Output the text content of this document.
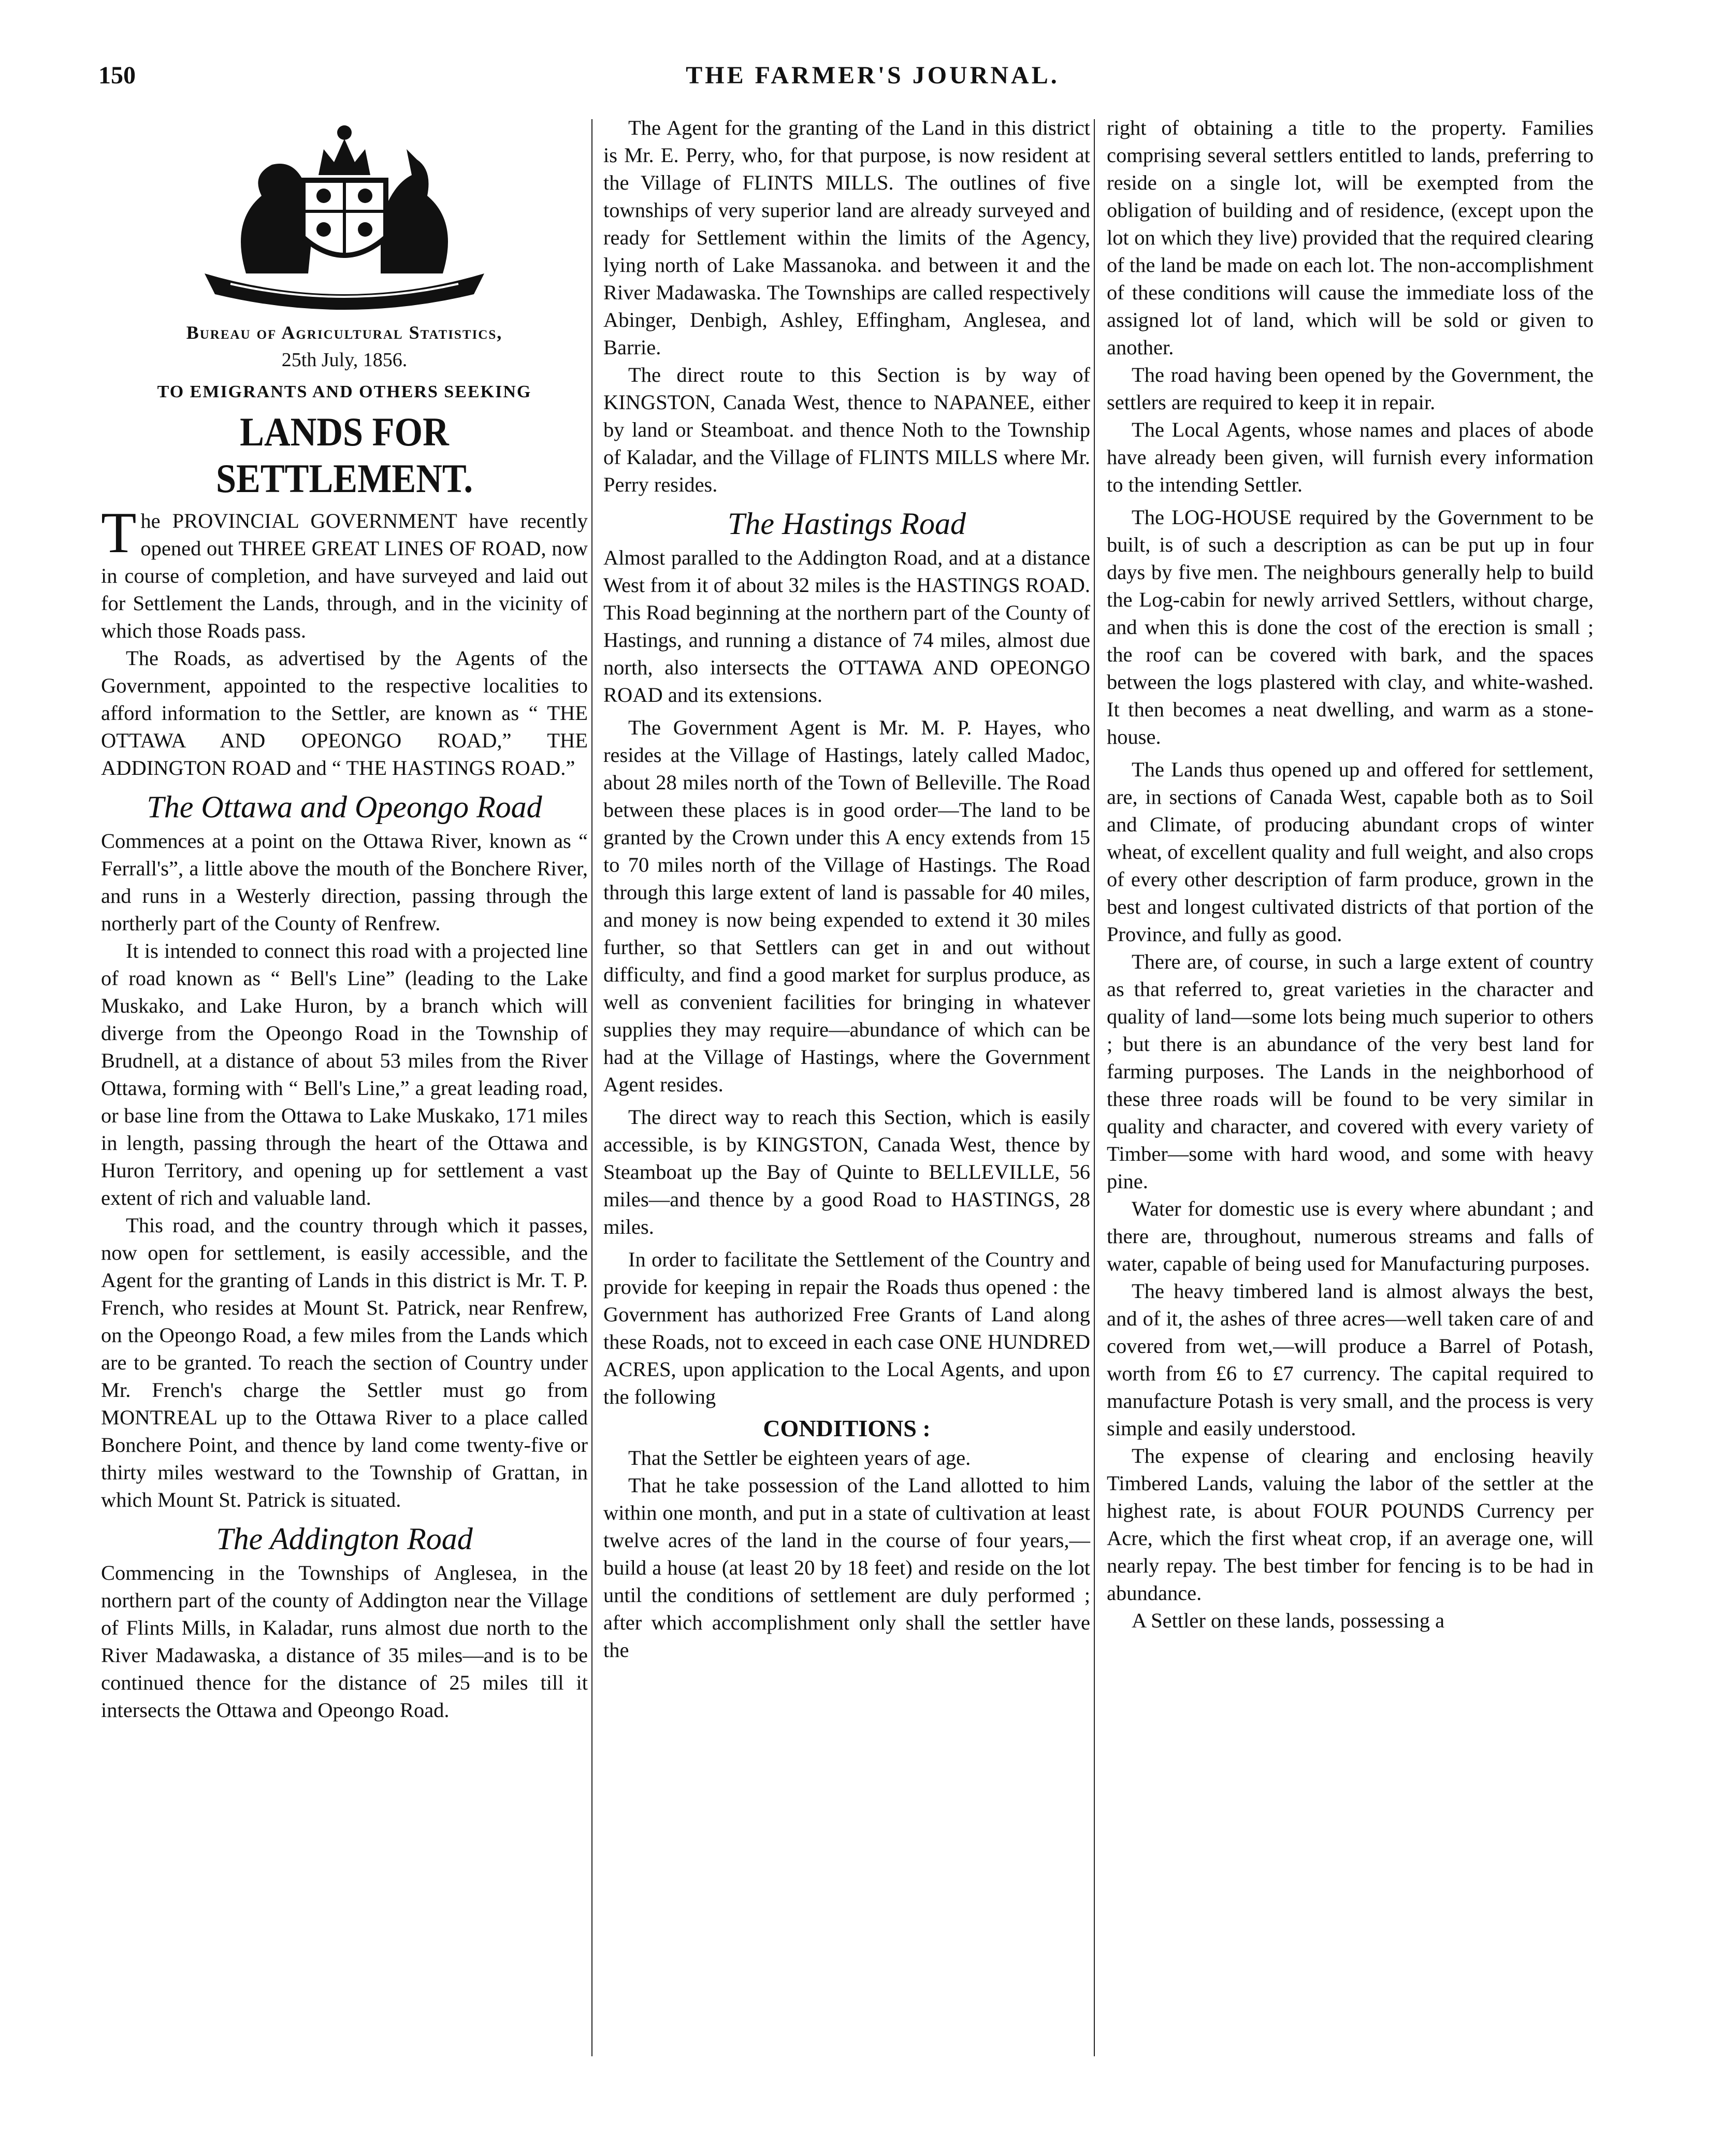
150	THE FARMER'S JOURNAL.
Bureau of Agricultural Statistics,
25th July, 1856.
TO EMIGRANTS AND OTHERS SEEKING
LANDS FOR SETTLEMENT.

The PROVINCIAL GOVERNMENT have recently opened out THREE GREAT LINES OF ROAD, now in course of completion, and have surveyed and laid out for Settlement the Lands, through, and in the vicinity of which those Roads pass.

The Roads, as advertised by the Agents of the Government, appointed to the respective localities to afford information to the Settler, are known as “ THE OTTAWA AND OPEONGO ROAD,” THE ADDINGTON ROAD and “ THE HASTINGS ROAD.”

The Ottawa and Opeongo Road

Commences at a point on the Ottawa River, known as “ Ferrall's”, a little above the mouth of the Bonchere River, and runs in a Westerly direction, passing through the northerly part of the County of Renfrew.

It is intended to connect this road with a projected line of road known as “ Bell's Line” (leading to the Lake Muskako, and Lake Huron, by a branch which will diverge from the Opeongo Road in the Township of Brudnell, at a distance of about 53 miles from the River Ottawa, forming with “ Bell's Line,” a great leading road, or base line from the Ottawa to Lake Muskako, 171 miles in length, passing through the heart of the Ottawa and Huron Territory, and opening up for settlement a vast extent of rich and valuable land.

This road, and the country through which it passes, now open for settlement, is easily accessible, and the Agent for the granting of Lands in this district is Mr. T. P. French, who resides at Mount St. Patrick, near Renfrew, on the Opeongo Road, a few miles from the Lands which are to be granted. To reach the section of Country under Mr. French's charge the Settler must go from MONTREAL up to the Ottawa River to a place called Bonchere Point, and thence by land come twenty-five or thirty miles westward to the Township of Grattan, in which Mount St. Patrick is situated.

The Addington Road

Commencing in the Townships of Anglesea, in the northern part of the county of Addington near the Village of Flints Mills, in Kaladar, runs almost due north to the River Madawaska, a distance of 35 miles—and is to be continued thence for the distance of 25 miles till it intersects the Ottawa and Opeongo Road.

The Agent for the granting of the Land in this district is Mr. E. Perry, who, for that purpose, is now resident at the Village of FLINTS MILLS. The outlines of five townships of very superior land are already surveyed and ready for Settlement within the limits of the Agency, lying north of Lake Massanoka. and between it and the River Madawaska. The Townships are called respectively Abinger, Denbigh, Ashley, Effingham, Anglesea, and Barrie.

The direct route to this Section is by way of KINGSTON, Canada West, thence to NAPANEE, either by land or Steamboat. and thence Noth to the Township of Kaladar, and the Village of FLINTS MILLS where Mr. Perry resides.

The Hastings Road

Almost paralled to the Addington Road, and at a distance West from it of about 32 miles is the HASTINGS ROAD. This Road beginning at the northern part of the County of Hastings, and running a distance of 74 miles, almost due north, also intersects the OTTAWA AND OPEONGO ROAD and its extensions.

The Government Agent is Mr. M. P. Hayes, who resides at the Village of Hastings, lately called Madoc, about 28 miles north of the Town of Belleville. The Road between these places is in good order—The land to be granted by the Crown under this A ency extends from 15 to 70 miles north of the Village of Hastings. The Road through this large extent of land is passable for 40 miles, and money is now being expended to extend it 30 miles further, so that Settlers can get in and out without difficulty, and find a good market for surplus produce, as well as convenient facilities for bringing in whatever supplies they may require—abundance of which can be had at the Village of Hastings, where the Government Agent resides.

The direct way to reach this Section, which is easily accessible, is by KINGSTON, Canada West, thence by Steamboat up the Bay of Quinte to BELLEVILLE, 56 miles—and thence by a good Road to HASTINGS, 28 miles.

In order to facilitate the Settlement of the Country and provide for keeping in repair the Roads thus opened : the Government has authorized Free Grants of Land along these Roads, not to exceed in each case ONE HUNDRED ACRES, upon application to the Local Agents, and upon the following

CONDITIONS :

That the Settler be eighteen years of age.

That he take possession of the Land allotted to him within one month, and put in a state of cultivation at least twelve acres of the land in the course of four years,—build a house (at least 20 by 18 feet) and reside on the lot until the conditions of settlement are duly performed ; after which accomplishment only shall the settler have the

right of obtaining a title to the property. Families comprising several settlers entitled to lands, preferring to reside on a single lot, will be exempted from the obligation of building and of residence, (except upon the lot on which they live) provided that the required clearing of the land be made on each lot. The non-accomplishment of these conditions will cause the immediate loss of the assigned lot of land, which will be sold or given to another.

The road having been opened by the Government, the settlers are required to keep it in repair.

The Local Agents, whose names and places of abode have already been given, will furnish every information to the intending Settler.

The LOG-HOUSE required by the Government to be built, is of such a description as can be put up in four days by five men. The neighbours generally help to build the Log-cabin for newly arrived Settlers, without charge, and when this is done the cost of the erection is small ; the roof can be covered with bark, and the spaces between the logs plastered with clay, and white-washed. It then becomes a neat dwelling, and warm as a stone-house.

The Lands thus opened up and offered for settlement, are, in sections of Canada West, capable both as to Soil and Climate, of producing abundant crops of winter wheat, of excellent quality and full weight, and also crops of every other description of farm produce, grown in the best and longest cultivated districts of that portion of the Province, and fully as good.

There are, of course, in such a large extent of country as that referred to, great varieties in the character and quality of land—some lots being much superior to others ; but there is an abundance of the very best land for farming purposes. The Lands in the neighborhood of these three roads will be found to be very similar in quality and character, and covered with every variety of Timber—some with hard wood, and some with heavy pine.

Water for domestic use is every where abundant ; and there are, throughout, numerous streams and falls of water, capable of being used for Manufacturing purposes.

The heavy timbered land is almost always the best, and of it, the ashes of three acres—well taken care of and covered from wet,—will produce a Barrel of Potash, worth from £6 to £7 currency. The capital required to manufacture Potash is very small, and the process is very simple and easily understood.

The expense of clearing and enclosing heavily Timbered Lands, valuing the labor of the settler at the highest rate, is about FOUR POUNDS Currency per Acre, which the first wheat crop, if an average one, will nearly repay. The best timber for fencing is to be had in abundance.

A Settler on these lands, possessing a
